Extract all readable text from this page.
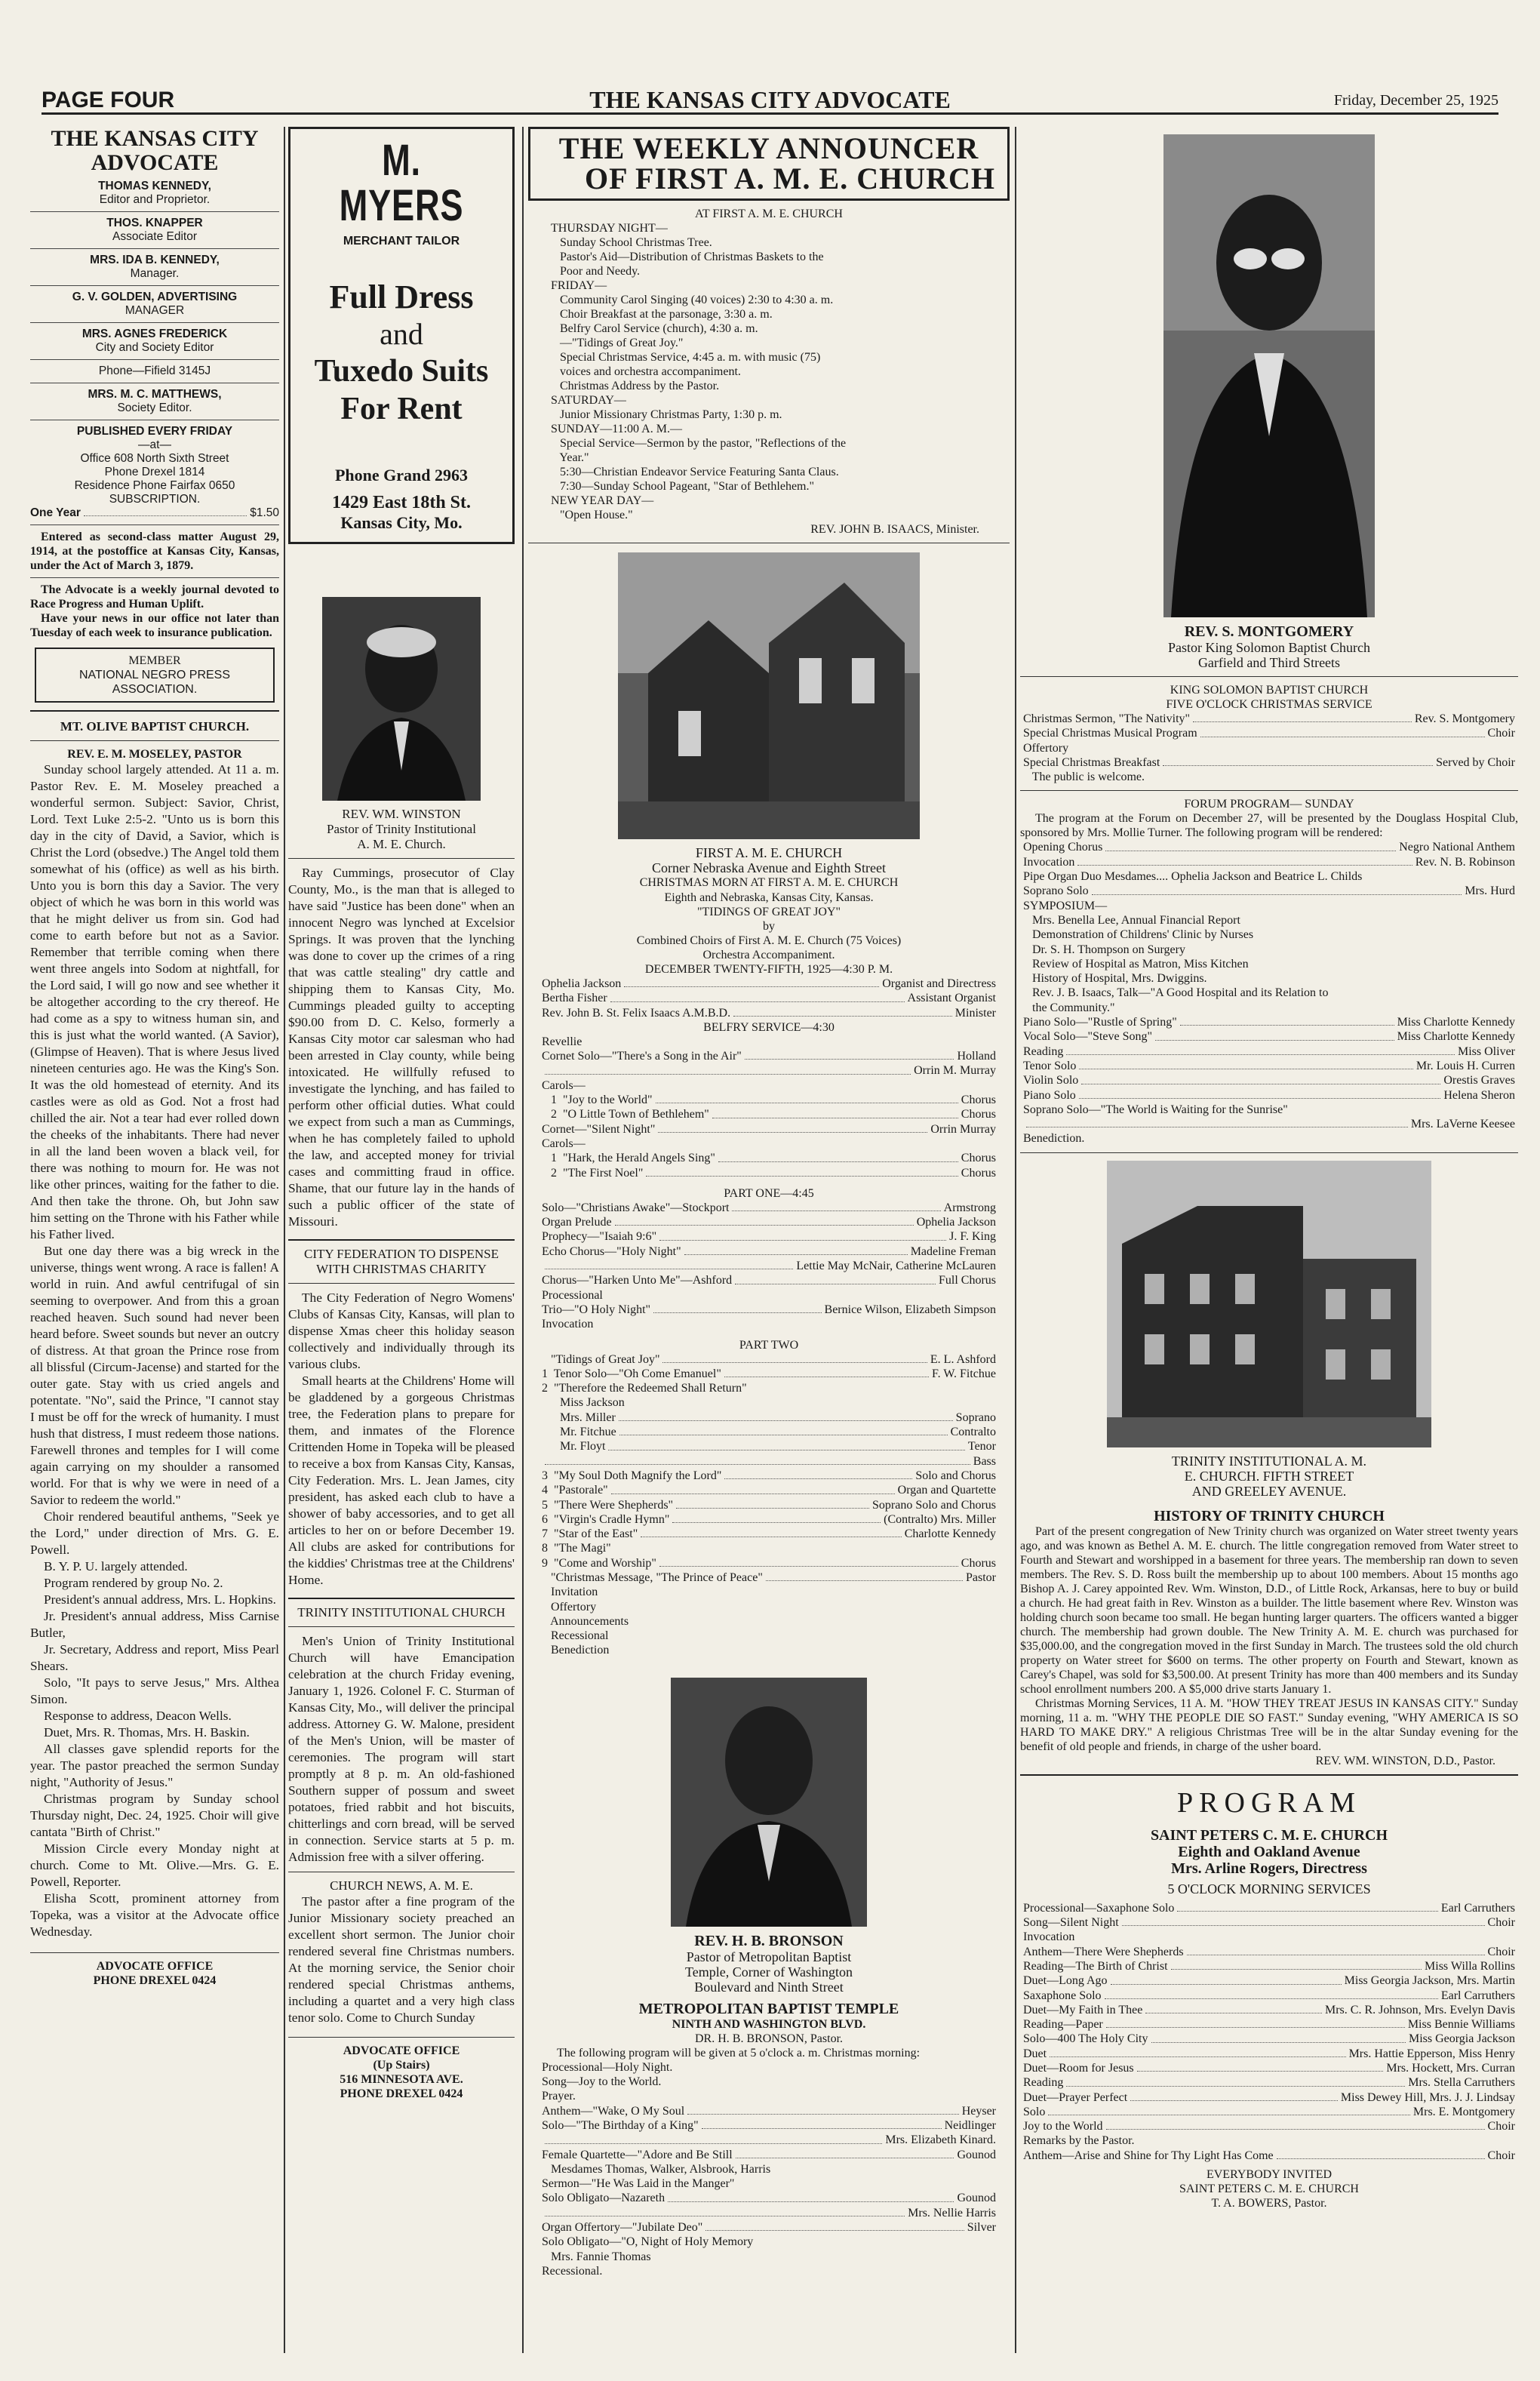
PAGE FOUR	THE KANSAS CITY ADVOCATE	Friday, December 25, 1925
THE KANSAS CITY ADVOCATE
THOMAS KENNEDY,
Editor and Proprietor.
THOS. KNAPPER
Associate Editor
MRS. IDA B. KENNEDY,
Manager.
G. V. GOLDEN, ADVERTISING
MANAGER
MRS. AGNES FREDERICK
City and Society Editor
Phone—Fifield 3145J
MRS. M. C. MATTHEWS,
Society Editor.
PUBLISHED EVERY FRIDAY
—at—
Office 608 North Sixth Street
Phone Drexel 1814
Residence Phone Fairfax 0650
SUBSCRIPTION.
One Year	$1.50

Entered as second-class matter August 29, 1914, at the postoffice at Kansas City, Kansas, under the Act of March 3, 1879.

The Advocate is a weekly journal devoted to Race Progress and Human Uplift.

Have your news in our office not later than Tuesday of each week to insurance publication.

MEMBER
NATIONAL NEGRO PRESS ASSOCIATION.
MT. OLIVE BAPTIST CHURCH.
REV. E. M. MOSELEY, PASTOR

Sunday school largely attended. At 11 a. m. Pastor Rev. E. M. Moseley preached a wonderful sermon. Subject: Savior, Christ, Lord. Text Luke 2:5-2. "Unto us is born this day in the city of David, a Savior, which is Christ the Lord (obsedve.) The Angel told them somewhat of his (office) as well as his birth. Unto you is born this day a Savior. The very object of which he was born in this world was that he might deliver us from sin. God had come to earth before but not as a Savior. Remember that terrible coming when there went three angels into Sodom at nightfall, for the Lord said, I will go now and see whether it be altogether according to the cry thereof. He had come as a spy to witness human sin, and this is just what the world wanted. (A Savior), (Glimpse of Heaven). That is where Jesus lived nineteen centuries ago. He was the King's Son. It was the old homestead of eternity. And its castles were as old as God. Not a frost had chilled the air. Not a tear had ever rolled down the cheeks of the inhabitants. There had never in all the land been woven a black veil, for there was nothing to mourn for. He was not like other princes, waiting for the father to die. And then take the throne. Oh, but John saw him setting on the Throne with his Father while his Father lived.

But one day there was a big wreck in the universe, things went wrong. A race is fallen! A world in ruin. And awful centrifugal of sin seeming to overpower. And from this a groan reached heaven. Such sound had never been heard before. Sweet sounds but never an outcry of distress. At that groan the Prince rose from all blissful (Circum-Jacense) and started for the outer gate. Stay with us cried angels and potentate. "No", said the Prince, "I cannot stay I must be off for the wreck of humanity. I must hush that distress, I must redeem those nations. Farewell thrones and temples for I will come again carrying on my shoulder a ransomed world. For that is why we were in need of a Savior to redeem the world."

Choir rendered beautiful anthems, "Seek ye the Lord," under direction of Mrs. G. E. Powell.

B. Y. P. U. largely attended.

Program rendered by group No. 2.

President's annual address, Mrs. L. Hopkins.

Jr. President's annual address, Miss Carnise Butler,

Jr. Secretary, Address and report, Miss Pearl Shears.

Solo, "It pays to serve Jesus," Mrs. Althea Simon.

Response to address, Deacon Wells.

Duet, Mrs. R. Thomas, Mrs. H. Baskin.

All classes gave splendid reports for the year. The pastor preached the sermon Sunday night, "Authority of Jesus."

Christmas program by Sunday school Thursday night, Dec. 24, 1925. Choir will give cantata "Birth of Christ."

Mission Circle every Monday night at church. Come to Mt. Olive.—Mrs. G. E. Powell, Reporter.

Elisha Scott, prominent attorney from Topeka, was a visitor at the Advocate office Wednesday.

ADVOCATE OFFICE
PHONE DREXEL 0424
M. MYERS
MERCHANT TAILOR
Full Dress
and
Tuxedo Suits
For Rent
Phone Grand 2963
1429 East 18th St.
Kansas City, Mo.
REV. WM. WINSTON
Pastor of Trinity Institutional
A. M. E. Church.

Ray Cummings, prosecutor of Clay County, Mo., is the man that is alleged to have said "Justice has been done" when an innocent Negro was lynched at Excelsior Springs. It was proven that the lynching was done to cover up the crimes of a ring that was cattle stealing" dry cattle and shipping them to Kansas City, Mo. Cummings pleaded guilty to accepting $90.00 from D. C. Kelso, formerly a Kansas City motor car salesman who had been arrested in Clay county, while being intoxicated. He willfully refused to investigate the lynching, and has failed to perform other official duties. What could we expect from such a man as Cummings, when he has completely failed to uphold the law, and accepted money for trivial cases and committing fraud in office. Shame, that our future lay in the hands of such a public officer of the state of Missouri.

CITY FEDERATION TO DISPENSE WITH CHRISTMAS CHARITY

The City Federation of Negro Womens' Clubs of Kansas City, Kansas, will plan to dispense Xmas cheer this holiday season collectively and individually through its various clubs.

Small hearts at the Childrens' Home will be gladdened by a gorgeous Christmas tree, the Federation plans to prepare for them, and inmates of the Florence Crittenden Home in Topeka will be pleased to receive a box from Kansas City, Kansas, City Federation. Mrs. L. Jean James, city president, has asked each club to have a shower of baby accessories, and to get all articles to her on or before December 19. All clubs are asked for contributions for the kiddies' Christmas tree at the Childrens' Home.

TRINITY INSTITUTIONAL CHURCH

Men's Union of Trinity Institutional Church will have Emancipation celebration at the church Friday evening, January 1, 1926. Colonel F. C. Sturman of Kansas City, Mo., will deliver the principal address. Attorney G. W. Malone, president of the Men's Union, will be master of ceremonies. The program will start promptly at 8 p. m. An old-fashioned Southern supper of possum and sweet potatoes, fried rabbit and hot biscuits, chitterlings and corn bread, will be served in connection. Service starts at 5 p. m. Admission free with a silver offering.

CHURCH NEWS, A. M. E.

The pastor after a fine program of the Junior Missionary society preached an excellent short sermon. The Junior choir rendered several fine Christmas numbers. At the morning service, the Senior choir rendered special Christmas anthems, including a quartet and a very high class tenor solo. Come to Church Sunday

ADVOCATE OFFICE
(Up Stairs)
516 MINNESOTA AVE.
PHONE DREXEL 0424
THE WEEKLY ANNOUNCER
OF FIRST A. M. E. CHURCH
AT FIRST A. M. E. CHURCH
THURSDAY NIGHT—
Sunday School Christmas Tree.
Pastor's Aid—Distribution of Christmas Baskets to the
Poor and Needy.
FRIDAY—
Community Carol Singing (40 voices) 2:30 to 4:30 a. m.
Choir Breakfast at the parsonage, 3:30 a. m.
Belfry Carol Service (church), 4:30 a. m.
—"Tidings of Great Joy."
Special Christmas Service, 4:45 a. m. with music (75)
voices and orchestra accompaniment.
Christmas Address by the Pastor.
SATURDAY—
Junior Missionary Christmas Party, 1:30 p. m.
SUNDAY—11:00 A. M.—
Special Service—Sermon by the pastor, "Reflections of the
Year."
5:30—Christian Endeavor Service Featuring Santa Claus.
7:30—Sunday School Pageant, "Star of Bethlehem."
NEW YEAR DAY—
"Open House."
REV. JOHN B. ISAACS, Minister.
FIRST A. M. E. CHURCH
Corner Nebraska Avenue and Eighth Street
CHRISTMAS MORN AT FIRST A. M. E. CHURCH
Eighth and Nebraska, Kansas City, Kansas.
"TIDINGS OF GREAT JOY"
by
Combined Choirs of First A. M. E. Church (75 Voices)
Orchestra Accompaniment.
DECEMBER TWENTY-FIFTH, 1925—4:30 P. M.
Ophelia Jackson	Organist and Directress
Bertha Fisher	Assistant Organist
Rev. John B. St. Felix Isaacs A.M.B.D.	Minister
BELFRY SERVICE—4:30
Revellie
Cornet Solo—"There's a Song in the Air"	Holland
Orrin M. Murray
Carols—
1  "Joy to the World"	Chorus
2  "O Little Town of Bethlehem"	Chorus
Cornet—"Silent Night"	Orrin Murray
Carols—
1  "Hark, the Herald Angels Sing"	Chorus
2  "The First Noel"	Chorus
PART ONE—4:45
Solo—"Christians Awake"—Stockport	Armstrong
Organ Prelude	Ophelia Jackson
Prophecy—"Isaiah 9:6"	J. F. King
Echo Chorus—"Holy Night"	Madeline Freman
Lettie May McNair, Catherine McLauren
Chorus—"Harken Unto Me"—Ashford	Full Chorus
Processional
Trio—"O Holy Night"	Bernice Wilson, Elizabeth Simpson
Invocation
PART TWO
"Tidings of Great Joy"	E. L. Ashford
1  Tenor Solo—"Oh Come Emanuel"	F. W. Fitchue
2  "Therefore the Redeemed Shall Return"
Miss Jackson
Mrs. Miller	Soprano
Mr. Fitchue	Contralto
Mr. Floyt	Tenor
Bass
3  "My Soul Doth Magnify the Lord"	Solo and Chorus
4  "Pastorale"	Organ and Quartette
5  "There Were Shepherds"	Soprano Solo and Chorus
6  "Virgin's Cradle Hymn"	(Contralto) Mrs. Miller
7  "Star of the East"	Charlotte Kennedy
8  "The Magi"
9  "Come and Worship"	Chorus
"Christmas Message, "The Prince of Peace"	Pastor
Invitation
Offertory
Announcements
Recessional
Benediction
REV. H. B. BRONSON
Pastor of Metropolitan Baptist
Temple, Corner of Washington
Boulevard and Ninth Street
METROPOLITAN BAPTIST TEMPLE
NINTH AND WASHINGTON BLVD.
DR. H. B. BRONSON, Pastor.
The following program will be given at 5 o'clock a. m. Christmas morning:
Processional—Holy Night.
Song—Joy to the World.
Prayer.
Anthem—"Wake, O My Soul	Heyser
Solo—"The Birthday of a King"	Neidlinger
Mrs. Elizabeth Kinard.
Female Quartette—"Adore and Be Still	Gounod
Mesdames Thomas, Walker, Alsbrook, Harris
Sermon—"He Was Laid in the Manger"
Solo Obligato—Nazareth	Gounod
Mrs. Nellie Harris
Organ Offertory—"Jubilate Deo"	Silver
Solo Obligato—"O, Night of Holy Memory
Mrs. Fannie Thomas
Recessional.
REV. S. MONTGOMERY
Pastor King Solomon Baptist Church
Garfield and Third Streets
KING SOLOMON BAPTIST CHURCH
FIVE O'CLOCK CHRISTMAS SERVICE
Christmas Sermon, "The Nativity"	Rev. S. Montgomery
Special Christmas Musical Program	Choir
Offertory
Special Christmas Breakfast	Served by Choir
The public is welcome.
FORUM PROGRAM— SUNDAY
The program at the Forum on December 27, will be presented by the Douglass Hospital Club, sponsored by Mrs. Mollie Turner. The following program will be rendered:
Opening Chorus	Negro National Anthem
Invocation	Rev. N. B. Robinson
Pipe Organ Duo Mesdames.... Ophelia Jackson and Beatrice L. Childs
Soprano Solo	Mrs. Hurd
SYMPOSIUM—
Mrs. Benella Lee, Annual Financial Report
Demonstration of Childrens' Clinic by Nurses
Dr. S. H. Thompson on Surgery
Review of Hospital as Matron, Miss Kitchen
History of Hospital, Mrs. Dwiggins.
Rev. J. B. Isaacs, Talk—"A Good Hospital and its Relation to
the Community."
Piano Solo—"Rustle of Spring"	Miss Charlotte Kennedy
Vocal Solo—"Steve Song"	Miss Charlotte Kennedy
Reading	Miss Oliver
Tenor Solo	Mr. Louis H. Curren
Violin Solo	Orestis Graves
Piano Solo	Helena Sheron
Soprano Solo—"The World is Waiting for the Sunrise"
Mrs. LaVerne Keesee
Benediction.
TRINITY INSTITUTIONAL A. M.
E. CHURCH. FIFTH STREET
AND GREELEY AVENUE.
HISTORY OF TRINITY CHURCH

Part of the present congregation of New Trinity church was organized on Water street twenty years ago, and was known as Bethel A. M. E. church. The little congregation removed from Water street to Fourth and Stewart and worshipped in a basement for three years. The membership ran down to seven members. The Rev. S. D. Ross built the membership up to about 100 members. About 15 months ago Bishop A. J. Carey appointed Rev. Wm. Winston, D.D., of Little Rock, Arkansas, here to buy or build a church. He had great faith in Rev. Winston as a builder. The little basement where Rev. Winston was holding church soon became too small. He began hunting larger quarters. The officers wanted a bigger church. The membership had grown double. The New Trinity A. M. E. church was purchased for $35,000.00, and the congregation moved in the first Sunday in March. The trustees sold the old church property on Water street for $600 on terms. The other property on Fourth and Stewart, known as Carey's Chapel, was sold for $3,500.00. At present Trinity has more than 400 members and its Sunday school enrollment numbers 200. A $5,000 drive starts January 1.

Christmas Morning Services, 11 A. M. "HOW THEY TREAT JESUS IN KANSAS CITY." Sunday morning, 11 a. m. "WHY THE PEOPLE DIE SO FAST." Sunday evening, "WHY AMERICA IS SO HARD TO MAKE DRY." A religious Christmas Tree will be in the altar Sunday evening for the benefit of old people and friends, in charge of the usher board.

REV. WM. WINSTON, D.D., Pastor.
PROGRAM
SAINT PETERS C. M. E. CHURCH
Eighth and Oakland Avenue
Mrs. Arline Rogers, Directress
5 O'CLOCK MORNING SERVICES
Processional—Saxaphone Solo	Earl Carruthers
Song—Silent Night	Choir
Invocation
Anthem—There Were Shepherds	Choir
Reading—The Birth of Christ	Miss Willa Rollins
Duet—Long Ago	Miss Georgia Jackson, Mrs. Martin
Saxaphone Solo	Earl Carruthers
Duet—My Faith in Thee	Mrs. C. R. Johnson, Mrs. Evelyn Davis
Reading—Paper	Miss Bennie Williams
Solo—400 The Holy City	Miss Georgia Jackson
Duet	Mrs. Hattie Epperson, Miss Henry
Duet—Room for Jesus	Mrs. Hockett, Mrs. Curran
Reading	Mrs. Stella Carruthers
Duet—Prayer Perfect	Miss Dewey Hill, Mrs. J. J. Lindsay
Solo	Mrs. E. Montgomery
Joy to the World	Choir
Remarks by the Pastor.
Anthem—Arise and Shine for Thy Light Has Come	Choir
EVERYBODY INVITED
SAINT PETERS C. M. E. CHURCH
T. A. BOWERS, Pastor.
